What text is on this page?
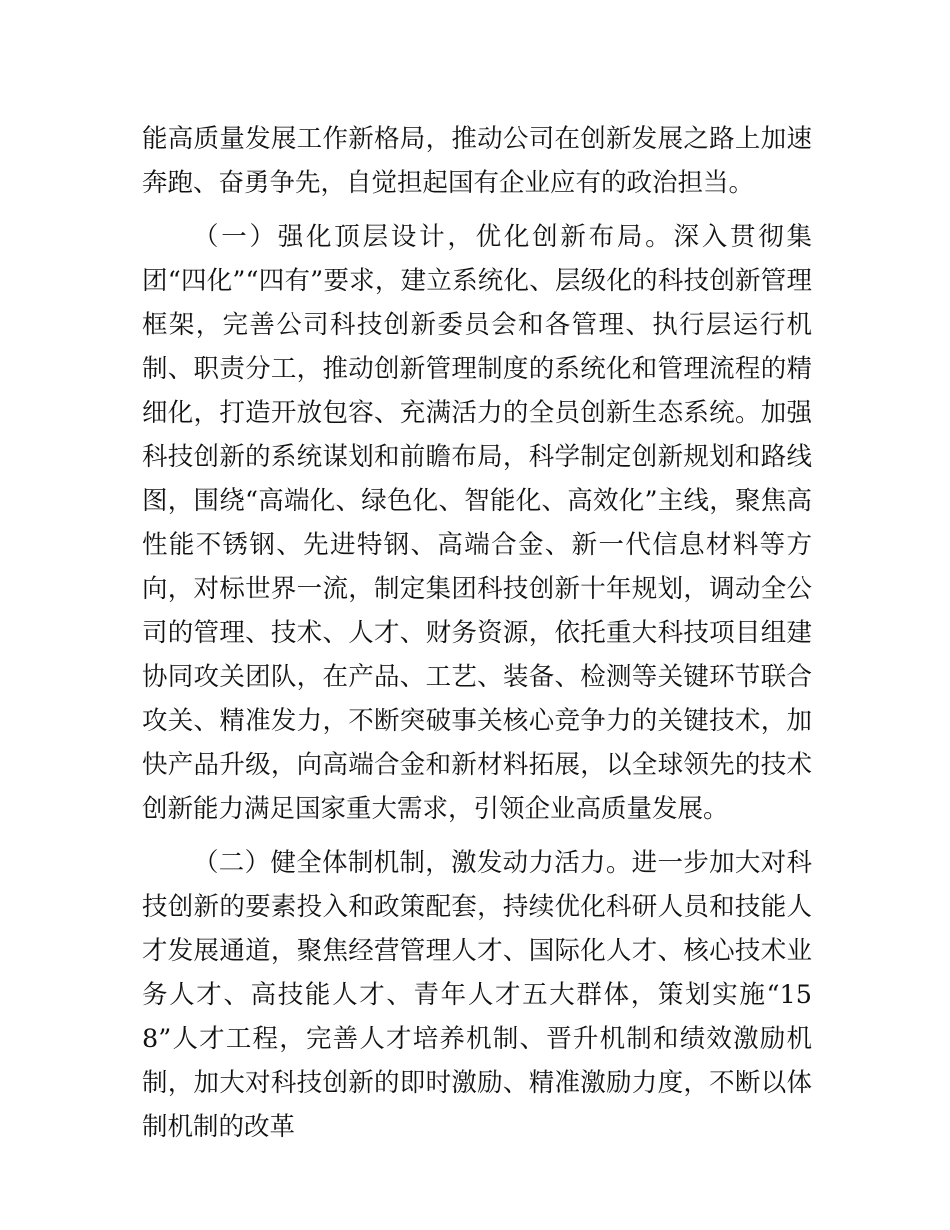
能高质量发展工作新格局，推动公司在创新发展之路上加速奔跑、奋勇争先，自觉担起国有企业应有的政治担当。

（一）强化顶层设计，优化创新布局。深入贯彻集团“四化”“四有”要求，建立系统化、层级化的科技创新管理框架，完善公司科技创新委员会和各管理、执行层运行机制、职责分工，推动创新管理制度的系统化和管理流程的精细化，打造开放包容、充满活力的全员创新生态系统。加强科技创新的系统谋划和前瞻布局，科学制定创新规划和路线图，围绕“高端化、绿色化、智能化、高效化”主线，聚焦高性能不锈钢、先进特钢、高端合金、新一代信息材料等方向，对标世界一流，制定集团科技创新十年规划，调动全公司的管理、技术、人才、财务资源，依托重大科技项目组建协同攻关团队，在产品、工艺、装备、检测等关键环节联合攻关、精准发力，不断突破事关核心竞争力的关键技术，加快产品升级，向高端合金和新材料拓展，以全球领先的技术创新能力满足国家重大需求，引领企业高质量发展。

（二）健全体制机制，激发动力活力。进一步加大对科技创新的要素投入和政策配套，持续优化科研人员和技能人才发展通道，聚焦经营管理人才、国际化人才、核心技术业务人才、高技能人才、青年人才五大群体，策划实施“158”人才工程，完善人才培养机制、晋升机制和绩效激励机制，加大对科技创新的即时激励、精准激励力度，不断以体制机制的改革
